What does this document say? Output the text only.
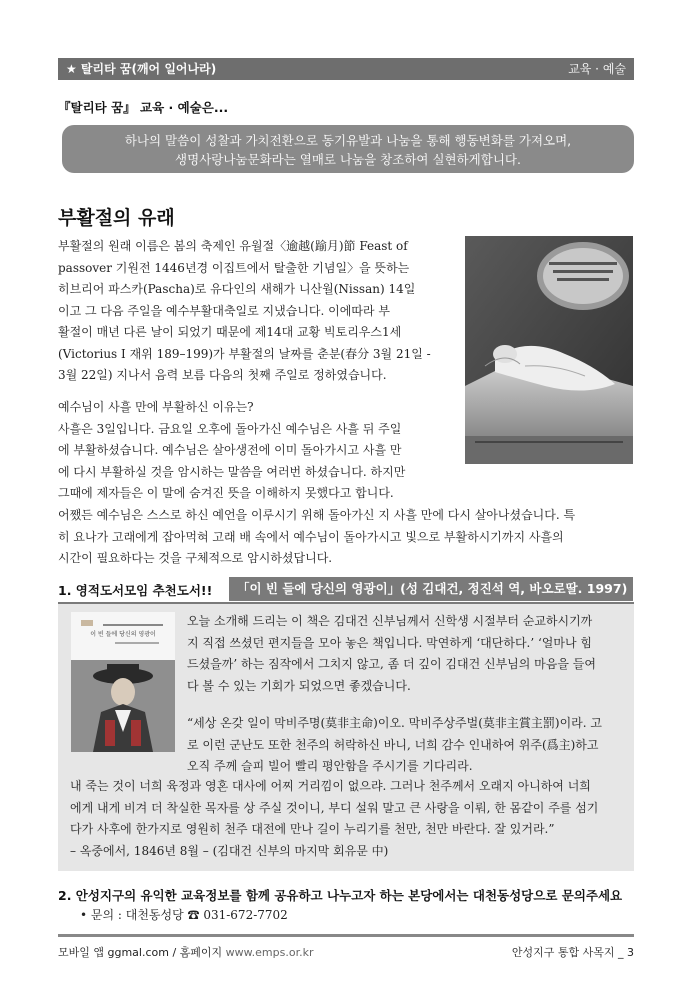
★ 탈리타 꿈(깨어 일어나라)	교육 · 예술
『탈리타 꿈』 교육 · 예술은...
하나의 말씀이 성찰과 가치전환으로 동기유발과 나눔을 통해 행동변화를 가져오며,
생명사랑나눔문화라는 열매로 나눔을 창조하여 실현하게합니다.
부활절의 유래

부활절의 원래 이름은 봄의 축제인 유월절〈逾越(踰月)節 Feast of
passover 기원전 1446년경 이집트에서 탈출한 기념일〉을 뜻하는
히브리어 파스카(Pascha)로 유다인의 새해가 니산월(Nissan) 14일
이고 그 다음 주일을 예수부활대축일로 지냈습니다. 이에따라 부
활절이 매년 다른 날이 되었기 때문에 제14대 교황 빅토리우스1세
(Victorius I 재위 189–199)가 부활절의 날짜를 춘분(春分 3월 21일 -
3월 22일) 지나서 음력 보름 다음의 첫째 주일로 정하였습니다.

예수님이 사흘 만에 부활하신 이유는?
사흘은 3일입니다. 금요일 오후에 돌아가신 예수님은 사흘 뒤 주일
에 부활하셨습니다. 예수님은 살아생전에 이미 돌아가시고 사흘 만
에 다시 부활하실 것을 암시하는 말씀을 여러번 하셨습니다. 하지만
그때에 제자들은 이 말에 숨겨진 뜻을 이해하지 못했다고 합니다.

어쨌든 예수님은 스스로 하신 예언을 이루시기 위해 돌아가신 지 사흘 만에 다시 살아나셨습니다. 특
히 요나가 고래에게 잡아먹혀 고래 배 속에서 예수님이 돌아가시고 빛으로 부활하시기까지 사흘의
시간이 필요하다는 것을 구체적으로 암시하셨답니다.

1. 영적도서모임 추천도서!!	「이 빈 들에 당신의 영광이」(성 김대건, 정진석 역, 바오로딸. 1997)
이 빈 들에 당신의 영광이

오늘 소개해 드리는 이 책은 김대건 신부님께서 신학생 시절부터 순교하시기까
지 직접 쓰셨던 편지들을 모아 놓은 책입니다. 막연하게 ‘대단하다.’ ‘얼마나 힘
드셨을까’ 하는 짐작에서 그치지 않고, 좀 더 깊이 김대건 신부님의 마음을 들여
다 볼 수 있는 기회가 되었으면 좋겠습니다.

“세상 온갖 일이 막비주명(莫非主命)이오. 막비주상주벌(莫非主賞主罰)이라. 고
로 이런 군난도 또한 천주의 허락하신 바니, 너희 감수 인내하여 위주(爲主)하고
오직 주께 슬피 빌어 빨리 평안함을 주시기를 기다리라.

내 죽는 것이 너희 육정과 영혼 대사에 어찌 거리낌이 없으랴. 그러나 천주께서 오래지 아니하여 너희
에게 내게 비겨 더 착실한 목자를 상 주실 것이니, 부디 설워 말고 큰 사랑을 이뤄, 한 몸같이 주를 섬기
다가 사후에 한가지로 영원히 천주 대전에 만나 길이 누리기를 천만, 천만 바란다. 잘 있거라.”
– 옥중에서, 1846년 8월 – (김대건 신부의 마지막 회유문 中)

2. 안성지구의 유익한 교육정보를 함께 공유하고 나누고자 하는 본당에서는 대천동성당으로 문의주세요
• 문의 : 대천동성당 ☎ 031-672-7702
모바일 앱 ggmal.com / 홈페이지 www.emps.or.kr	안성지구 통합 사목지 _ 3
